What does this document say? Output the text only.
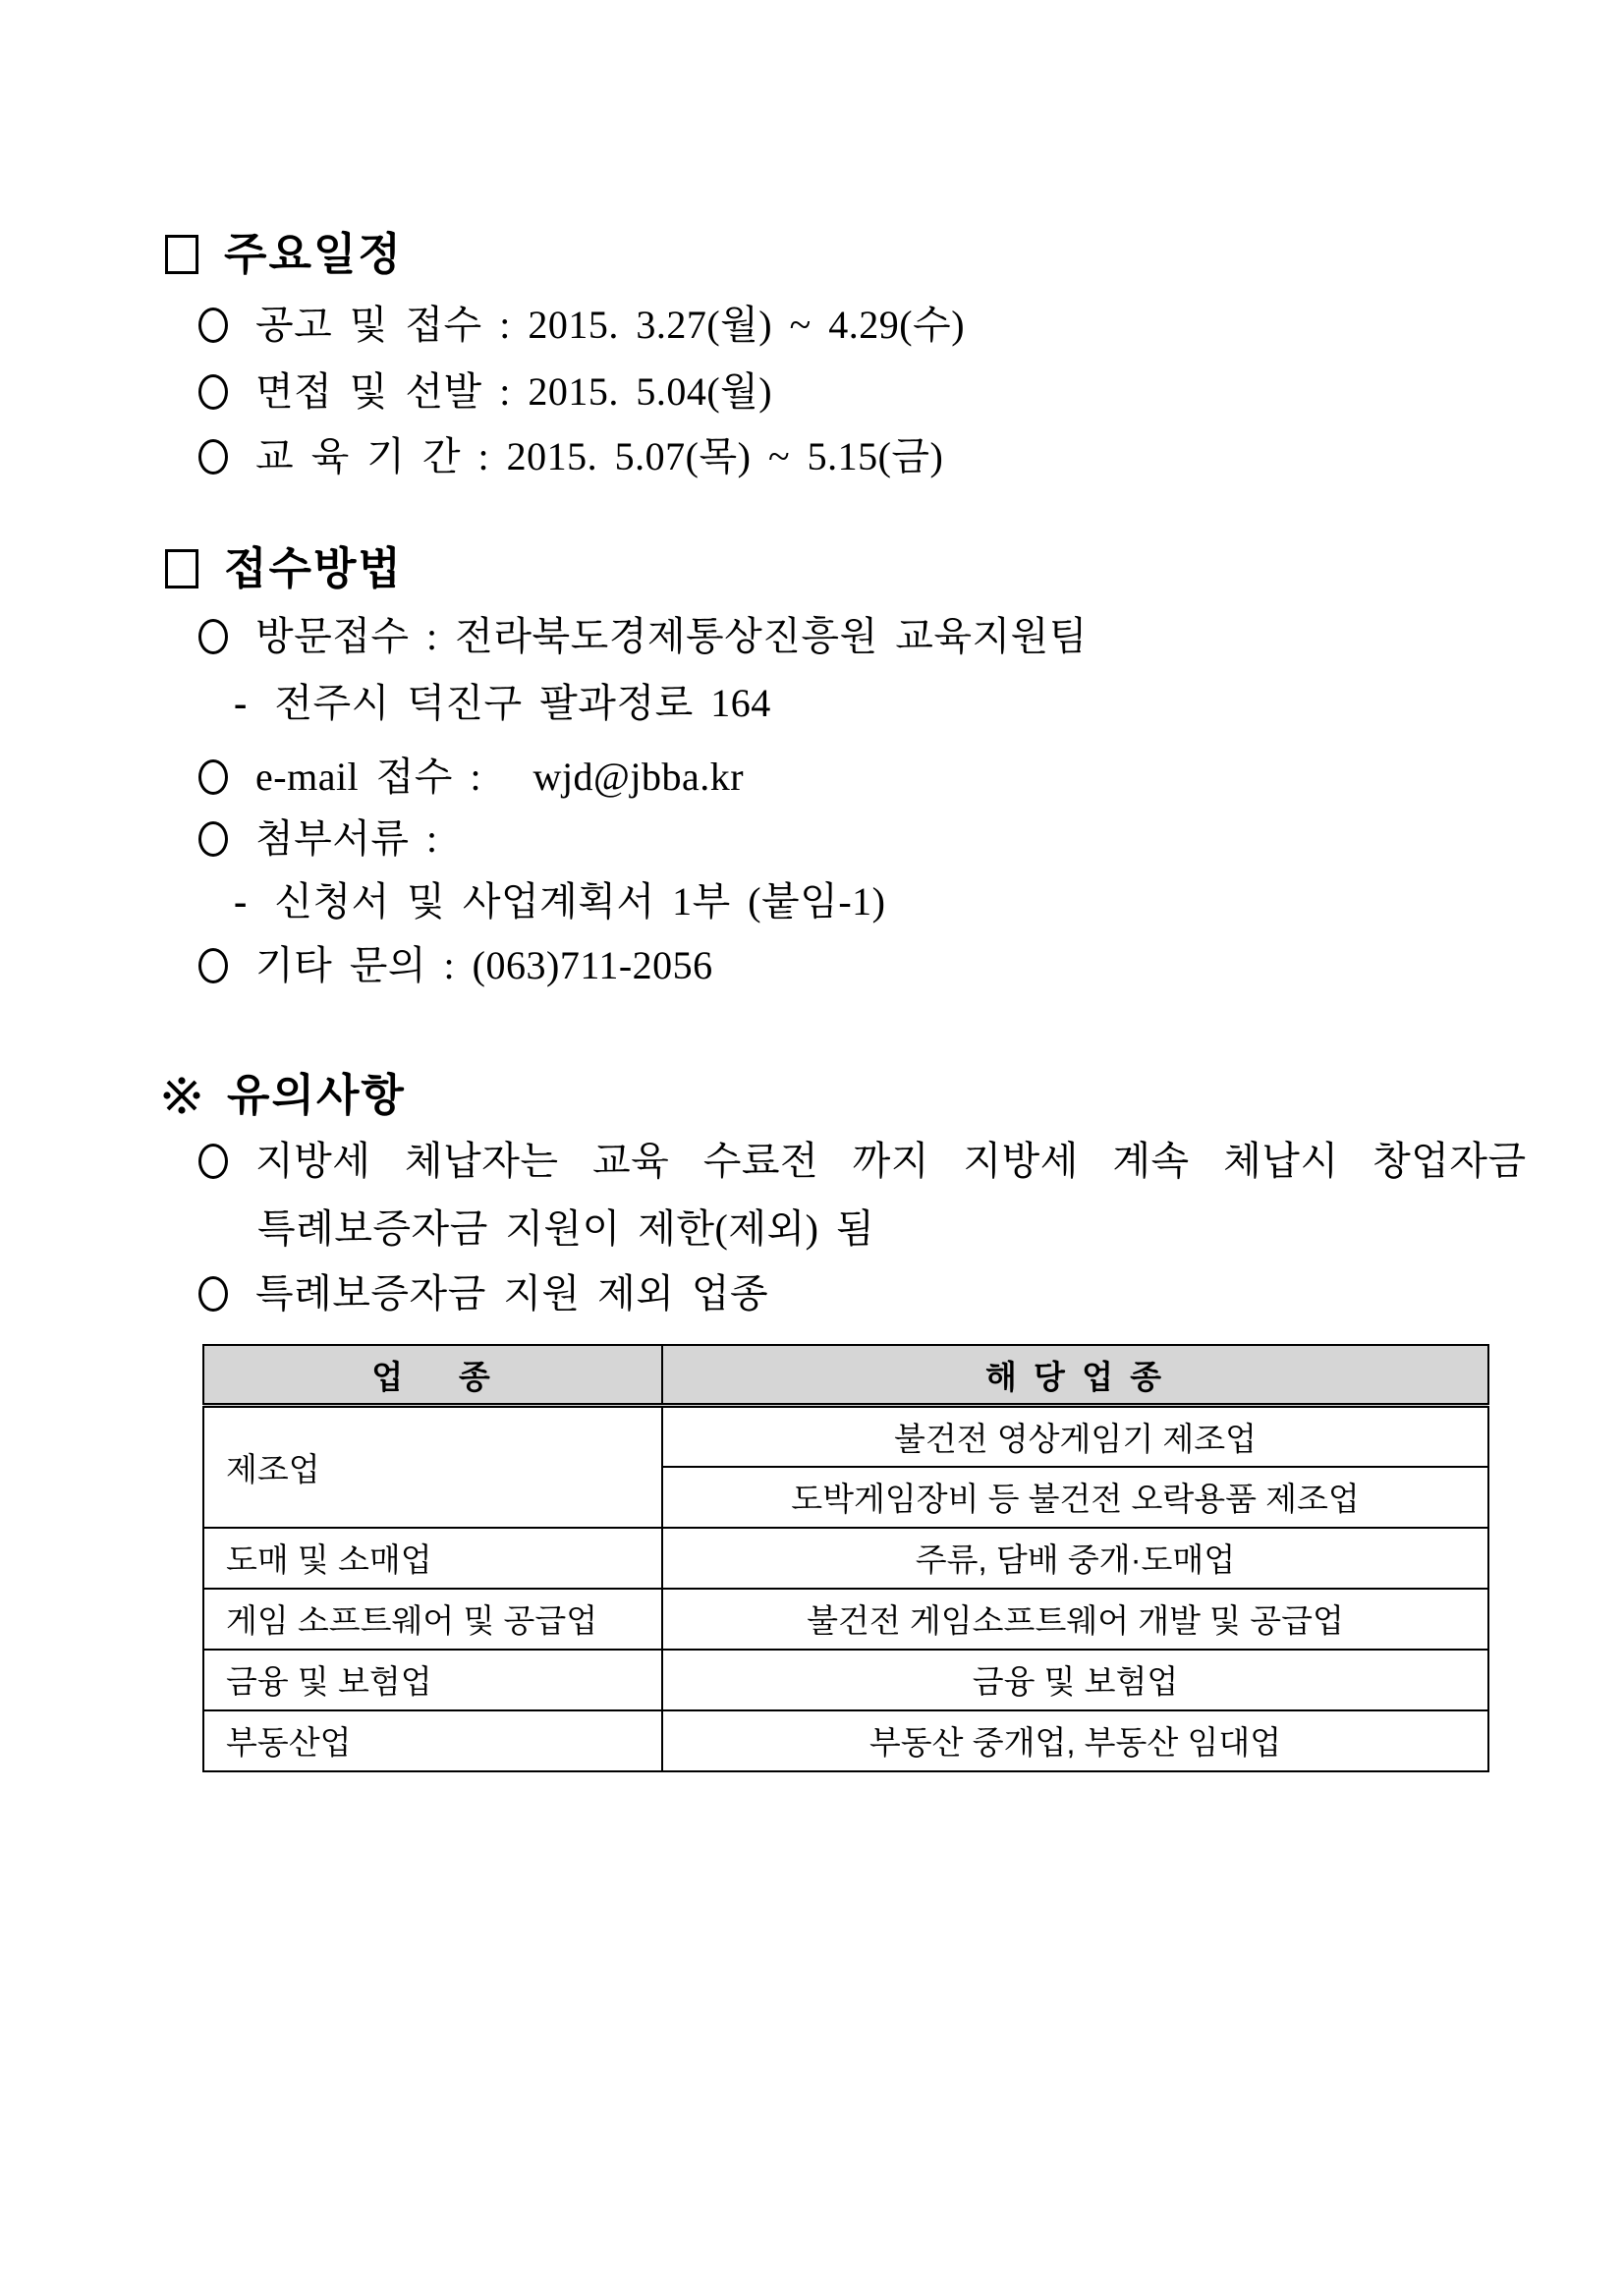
주요일정
공고 및 접수 : 2015. 3.27(월) ~ 4.29(수)
면접 및 선발 : 2015. 5.04(월)
교 육 기 간 : 2015. 5.07(목) ~ 5.15(금)
접수방법
방문접수 : 전라북도경제통상진흥원 교육지원팀
- 전주시 덕진구 팔과정로 164
e-mail 접수 :   wjd@jbba.kr
첨부서류 :
- 신청서 및 사업계획서 1부 (붙임-1)
기타 문의 : (063)711-2056
유의사항
지방세 체납자는 교육 수료전 까지 지방세 계속 체납시 창업자금
특례보증자금 지원이 제한(제외) 됨
특례보증자금 지원 제외 업종
업    종	해 당 업 종
제조업	불건전 영상게임기 제조업
	도박게임장비 등 불건전 오락용품 제조업
도매 및 소매업	주류, 담배 중개·도매업
게임 소프트웨어 및 공급업	불건전 게임소프트웨어 개발 및 공급업
금융 및 보험업	금융 및 보험업
부동산업	부동산 중개업, 부동산 임대업
